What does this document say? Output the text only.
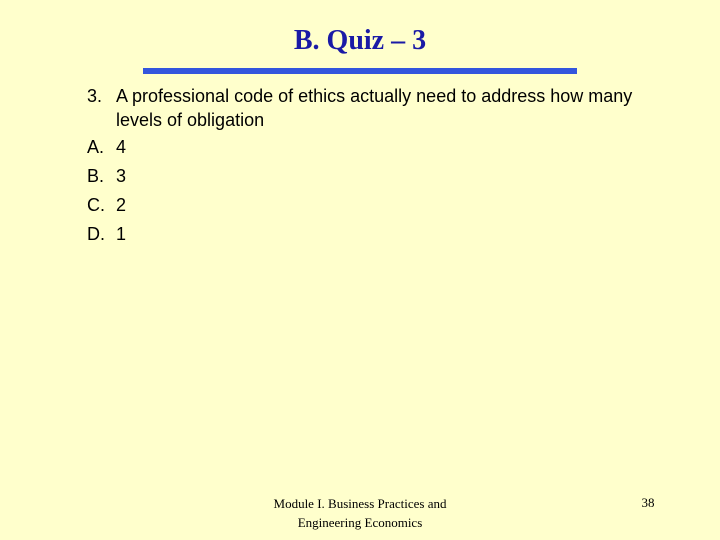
B. Quiz – 3
3. A professional code of ethics actually need to address how many levels of obligation
A. 4
B. 3
C. 2
D. 1
Module I. Business Practices and
Engineering Economics
38
